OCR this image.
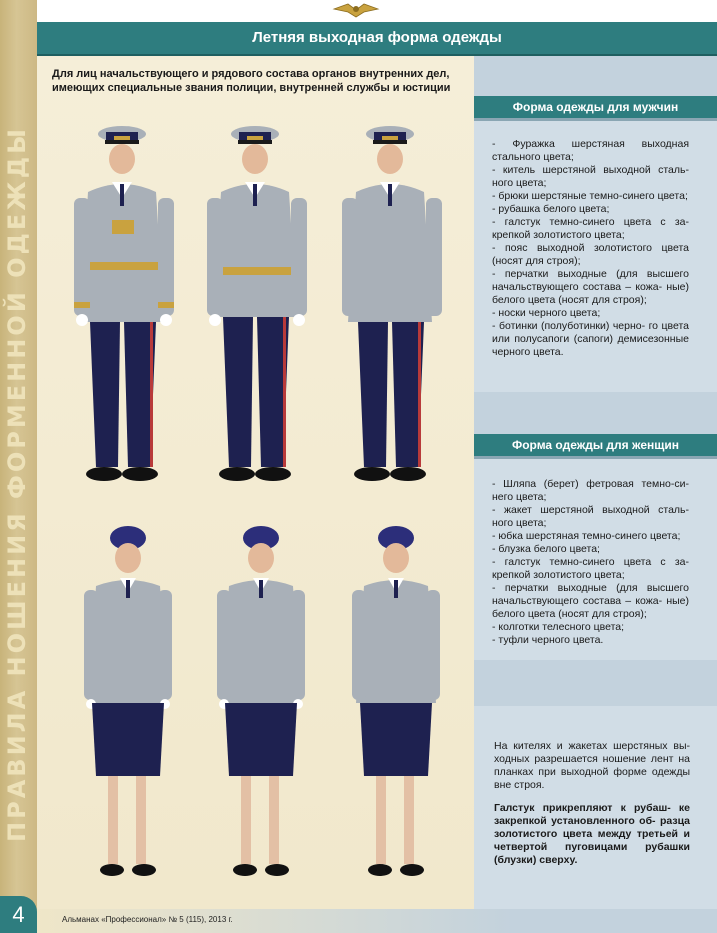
ПРАВИЛА НОШЕНИЯ ФОРМЕННОЙ ОДЕЖДЫ
4
Летняя выходная форма одежды
Для лиц начальствующего и рядового состава органов внутренних дел,
имеющих специальные звания полиции, внутренней службы и юстиции
Форма одежды для мужчин
- Фуражка шерстяная выходная стального цвета;
- китель шерстяной выходной сталь- ного цвета;
- брюки шерстяные темно-синего цвета;
- рубашка белого цвета;
- галстук темно-синего цвета с за- крепкой золотистого цвета;
- пояс выходной золотистого цвета (носят для строя);
- перчатки выходные (для высшего начальствующего состава – кожа- ные) белого цвета (носят для строя);
- носки черного цвета;
- ботинки (полуботинки) черно- го цвета или полусапоги (сапоги) демисезонные черного цвета.
Форма одежды для женщин
- Шляпа (берет) фетровая темно-си- него цвета;
- жакет шерстяной выходной сталь- ного цвета;
- юбка шерстяная темно-синего цвета;
- блузка белого цвета;
- галстук темно-синего цвета с за- крепкой золотистого цвета;
- перчатки выходные (для высшего начальствующего состава – кожа- ные) белого цвета (носят для строя);
- колготки телесного цвета;
- туфли черного цвета.
На кителях и жакетах шерстяных вы- ходных разрешается ношение лент на планках при выходной форме одежды вне строя.
Галстук прикрепляют к рубаш- ке закрепкой установленного об- разца золотистого цвета между третьей и четвертой пуговицами рубашки (блузки) сверху.
Альманах «Профессионал» № 5 (115), 2013 г.
